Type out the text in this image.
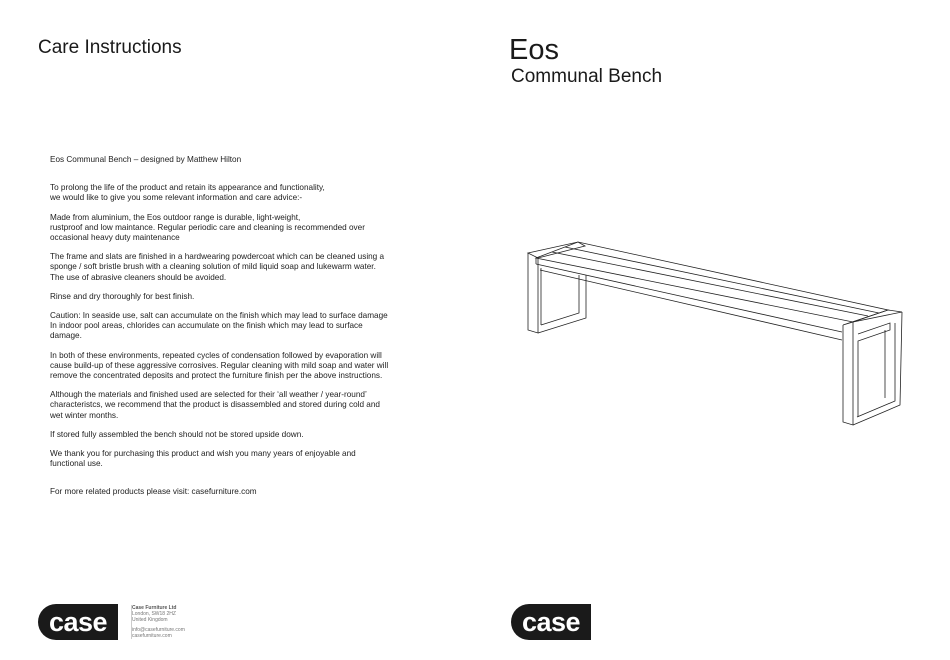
Care Instructions	Eos
Communal Bench

Eos Communal Bench – designed by Matthew Hilton

To prolong the life of the product and retain its appearance and functionality,
we would like to give you some relevant information and care advice:-

Made from aluminium, the Eos outdoor range is durable, light-weight,
rustproof and low maintance. Regular periodic care and cleaning is recommended over occasional heavy duty maintenance

The frame and slats are finished in a hardwearing powdercoat which can be cleaned using a sponge / soft bristle brush with a cleaning solution of mild liquid soap and lukewarm water. The use of abrasive cleaners should be avoided.

Rinse and dry thoroughly for best finish.

Caution: In seaside use, salt can accumulate on the finish which may lead to surface damage
In indoor pool areas, chlorides can accumulate on the finish which may lead to surface damage.

In both of these environments, repeated cycles of condensation followed by evaporation will cause build-up of these aggressive corrosives. Regular cleaning with mild soap and water will remove the concentrated deposits and protect the furniture finish per the above instructions.

Although the materials and finished used are selected for their ‘all weather / year-round’ characteristcs, we recommend that the product is disassembled and stored during cold and wet winter months.

If stored fully assembled the bench should not be stored upside down.

We thank you for purchasing this product and wish you many years of enjoyable and functional use.

For more related products please visit: casefurniture.com

case	Case Furniture Ltd
London, SW18 2HZ
United Kingdom
info@casefurniture.com
casefurniture.com	case
